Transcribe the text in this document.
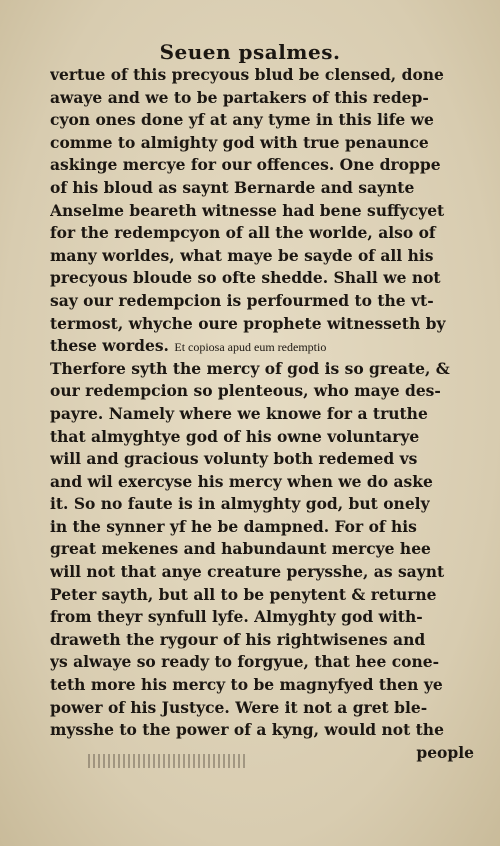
Seuen psalmes.
vertue of this precyous blud be clensed, done
awaye and we to be partakers of this redep-
cyon ones done yf at any tyme in this life we
comme to almighty god with true penaunce
askinge mercye for our offences. One droppe
of his bloud as saynt Bernarde and saynte
Anselme beareth witnesse had bene suffycyet
for the redempcyon of all the worlde, also of
many worldes, what maye be sayde of all his
precyous bloude so ofte shedde. Shall we not
say our redempcion is perfourmed to the vt-
termost, whyche oure prophete witnesseth by
these wordes. Et copiosa apud eum redemptio
Therfore syth the mercy of god is so greate, &
our redempcion so plenteous, who maye des-
payre. Namely where we knowe for a truthe
that almyghtye god of his owne voluntarye
will and gracious volunty both redemed vs
and wil exercyse his mercy when we do aske
it. So no faute is in almyghty god, but onely
in the synner yf he be dampned. For of his
great mekenes and habundaunt mercye hee
will not that anye creature perysshe, as saynt
Peter sayth, but all to be penytent & returne
from theyr synfull lyfe. Almyghty god with-
draweth the rygour of his rightwisenes and
ys alwaye so ready to forgyue, that hee cone-
teth more his mercy to be magnyfyed then ye
power of his Justyce. Were it not a gret ble-
mysshe to the power of a kyng, would not the
people
